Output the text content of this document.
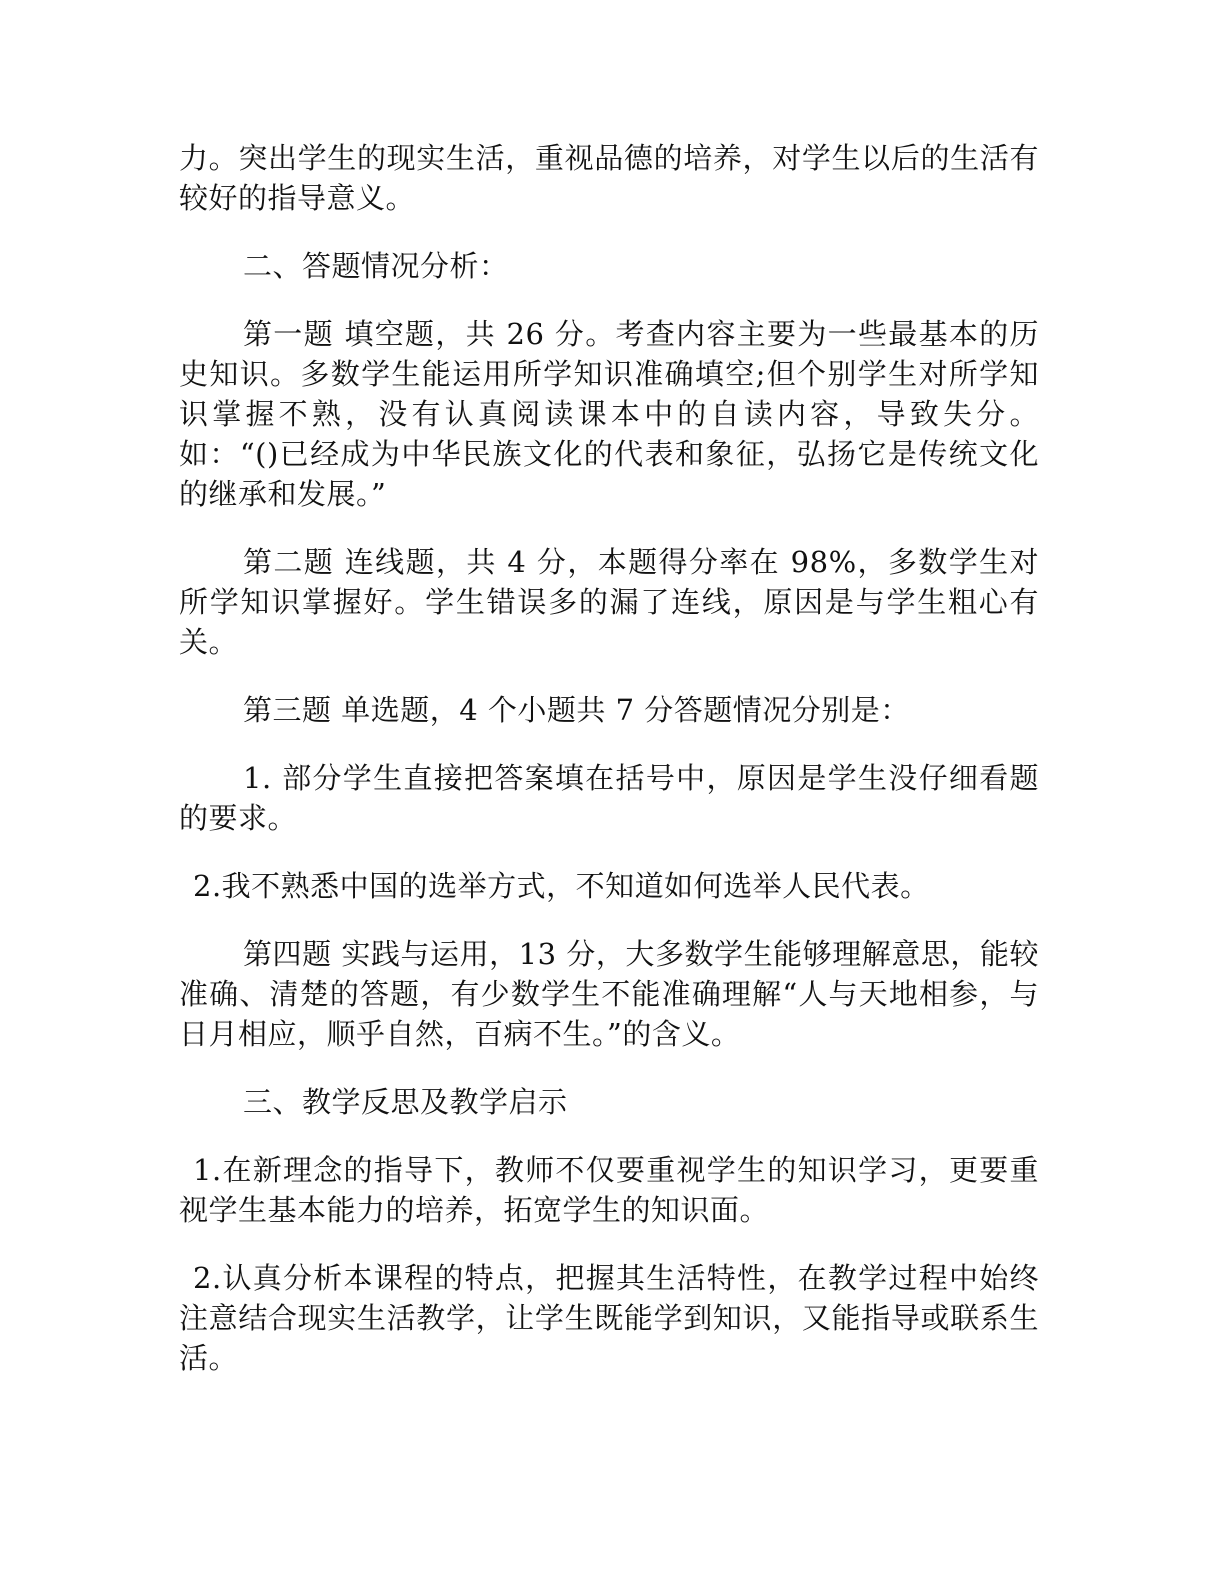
力。突出学生的现实生活，重视品德的培养，对学生以后的生活有较好的指导意义。

二、答题情况分析：

第一题 填空题，共 26 分。考查内容主要为一些最基本的历史知识。多数学生能运用所学知识准确填空;但个别学生对所学知识掌握不熟，没有认真阅读课本中的自读内容，导致失分。如：“()已经成为中华民族文化的代表和象征，弘扬它是传统文化的继承和发展。”

第二题 连线题，共 4 分，本题得分率在 98%，多数学生对所学知识掌握好。学生错误多的漏了连线，原因是与学生粗心有关。

第三题 单选题，4 个小题共 7 分答题情况分别是：

1. 部分学生直接把答案填在括号中，原因是学生没仔细看题的要求。

2.我不熟悉中国的选举方式，不知道如何选举人民代表。

第四题 实践与运用，13 分，大多数学生能够理解意思，能较准确、清楚的答题，有少数学生不能准确理解“人与天地相参，与日月相应，顺乎自然，百病不生。”的含义。

三、教学反思及教学启示

1.在新理念的指导下，教师不仅要重视学生的知识学习，更要重视学生基本能力的培养，拓宽学生的知识面。

2.认真分析本课程的特点，把握其生活特性，在教学过程中始终注意结合现实生活教学，让学生既能学到知识，又能指导或联系生活。
